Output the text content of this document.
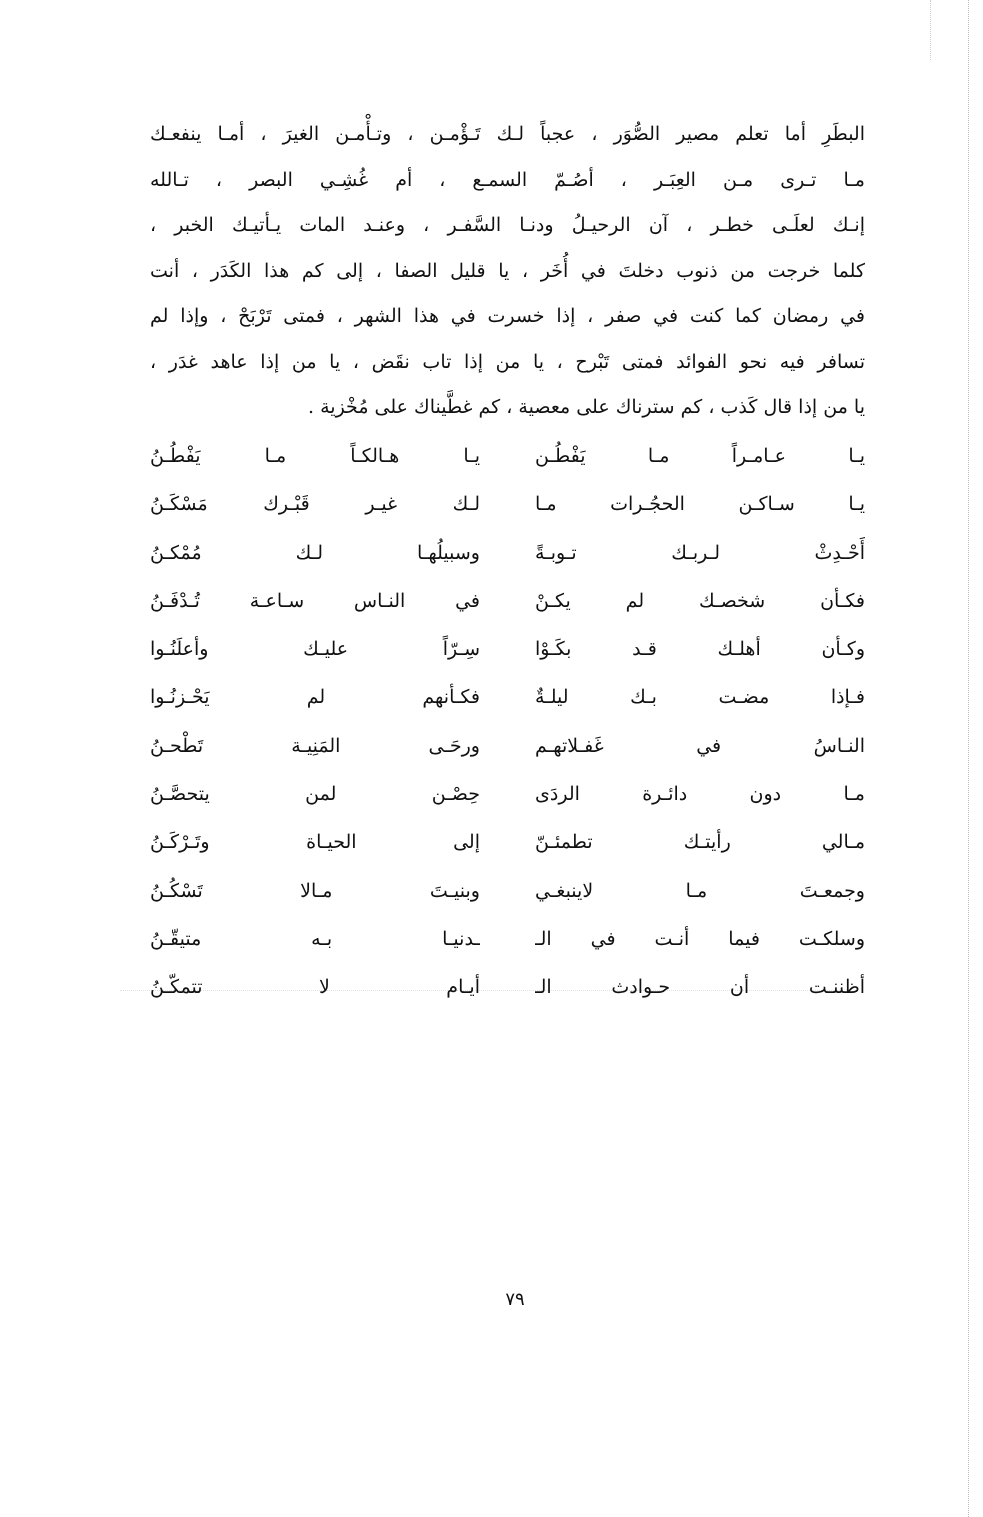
البطَرِ أما تعلم مصير الصُّوَر ، عجباً لـك تَـؤْمـن ، وتـأْمـن الغيرَ ، أمـا ينفعـك
مـا تـرى مـن العِبَـر ، أصُـمّ السمـع ، أم غُشِـي البصر ، تـالله
إنـك لعلَـى خطـر ، آن الرحيـلُ ودنـا السَّفـر ، وعنـد المات يـأتيـك الخبر ،
كلما خرجت من ذنوب دخلتَ في أُخَر ، يا قليل الصفا ، إلى كم هذا الكَدَر ، أنت
في رمضان كما كنت في صفر ، إذا خسرت في هذا الشهر ، فمتى تَرْبَحْ ، وإذا لم
تسافر فيه نحو الفوائد فمتى تَبْرح ، يا من إذا تاب نقَض ، يا من إذا عاهد غدَر ،
يا من إذا قال كَذب ، كم سترناك على معصية ، كم غطَّيناك على مُخْزية .
يـا عـامـراً مـا يَفْطُـن
يـا هـالكـاً مـا يَفْطُـنُ
يـا سـاكـن الحجُـرات مـا
لـك غيـر قَبْـرك مَسْكَـنُ
أَحْـدِثْ لـربـك تـوبـةً
وسبيلُهـا لـك مُمْكـنُ
فكـأن شخصـك لم يكـنْ
في النـاس سـاعـة تُـدْفَـنُ
وكـأن أهلـك قـد بكَـوْا
سِـرّاً عليـك وأعلَنُـوا
فـإذا مضـت بـك ليلـةٌ
فكـأنهم لم يَحْـزنُـوا
النـاسُ في غَفـلاتهـم
ورحَـى المَنِيـة تَطْحـنُ
مـا دون دائـرة الردَى
حِصْـن لمن يتحصَّـنُ
مـالي رأيتـك تطمئـنّ
إلى الحيـاة وتَـرْكَـنُ
وجمعـتَ مـا لاينبغـي
وبنيـتَ مـالا تَسْكُـنُ
وسلكـت فيما أنـت في الـ
ـدنيـا بـه متيقّـنُ
أظننـت أن حـوادث الـ
أيـام لا تتمكّـنُ
٧٩
